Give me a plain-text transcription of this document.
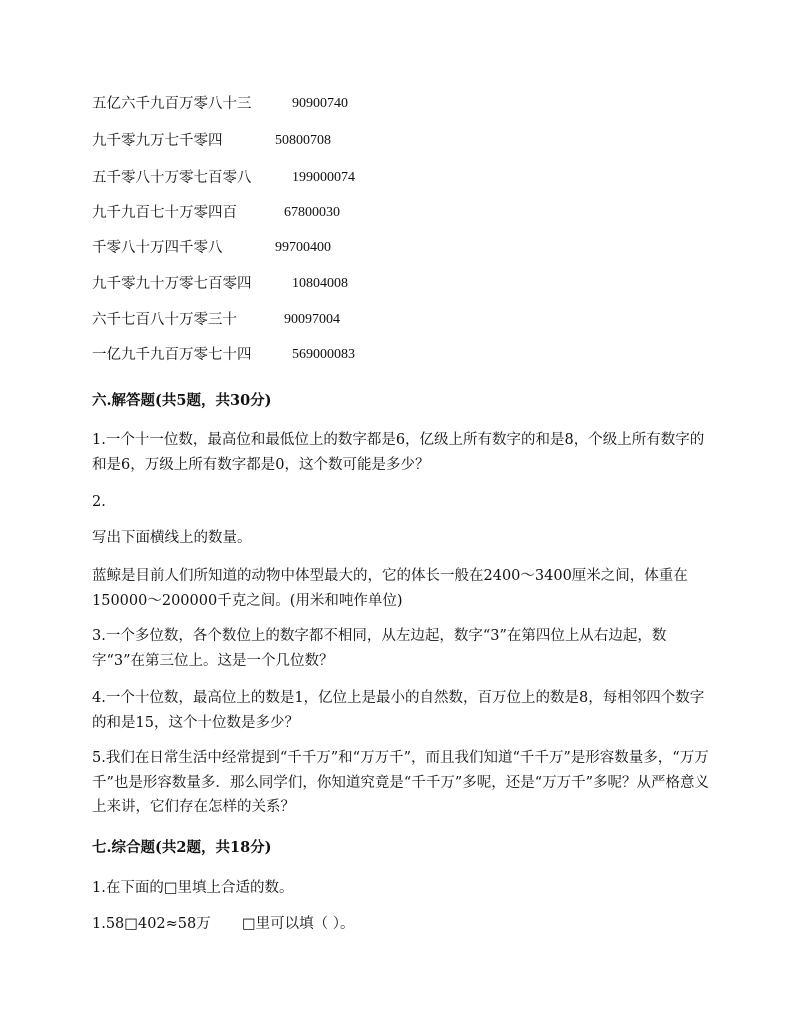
五亿六千九百万零八十三	90900740
九千零九万七千零四	50800708
五千零八十万零七百零八	199000074
九千九百七十万零四百	67800030
千零八十万四千零八	99700400
九千零九十万零七百零四	10804008
六千七百八十万零三十	90097004
一亿九千九百万零七十四	569000083
六.解答题(共5题，共30分)
1.一个十一位数，最高位和最低位上的数字都是6，亿级上所有数字的和是8，个级上所有数字的和是6，万级上所有数字都是0，这个数可能是多少？
2.
写出下面横线上的数量。
蓝鲸是目前人们所知道的动物中体型最大的，它的体长一般在2400～3400厘米之间，体重在150000～200000千克之间。(用米和吨作单位)
3.一个多位数，各个数位上的数字都不相同，从左边起，数字“3”在第四位上从右边起，数字“3”在第三位上。这是一个几位数？
4.一个十位数，最高位上的数是1，亿位上是最小的自然数，百万位上的数是8，每相邻四个数字的和是15，这个十位数是多少？
5.我们在日常生活中经常提到“千千万”和“万万千”，而且我们知道“千千万”是形容数量多，“万万千”也是形容数量多．那么同学们，你知道究竟是“千千万”多呢，还是“万万千”多呢？从严格意义上来讲，它们存在怎样的关系？
七.综合题(共2题，共18分)
1.在下面的□里填上合适的数。
1.58□402≈58万 □里可以填（ ）。
